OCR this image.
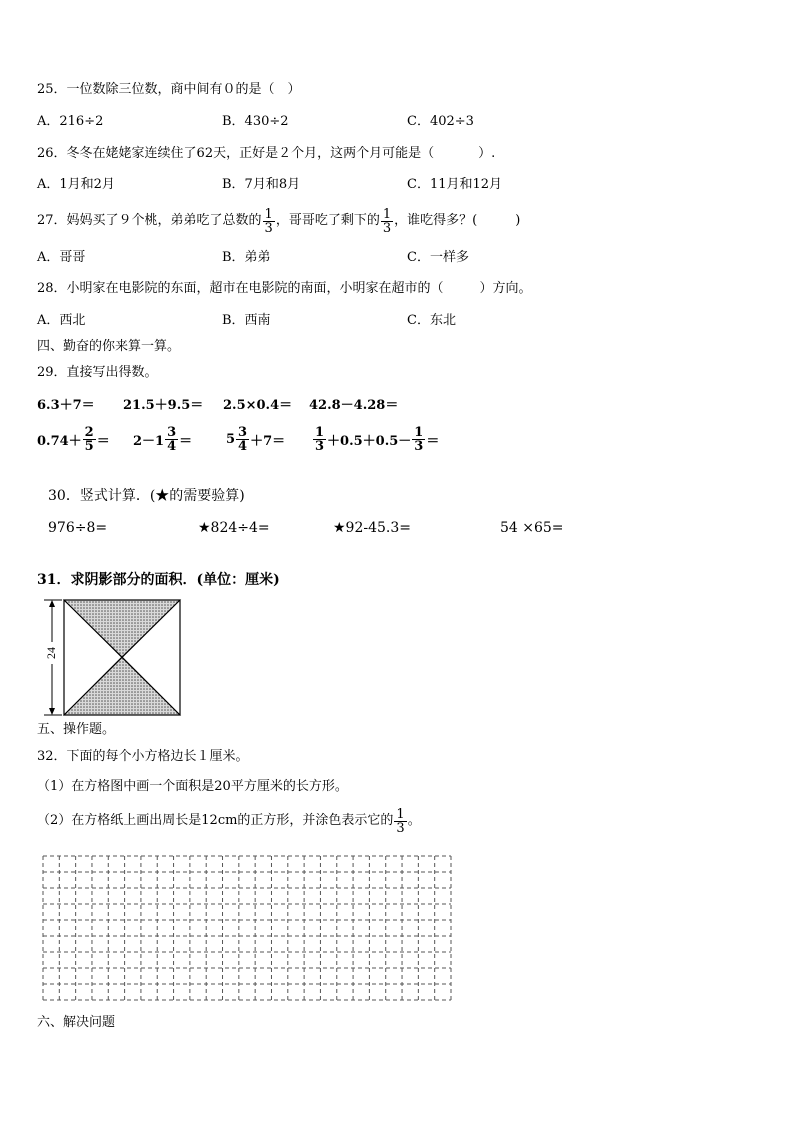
25．一位数除三位数，商中间有０的是（　）
A．216÷2	B．430÷2	C．402÷3
26．冬冬在姥姥家连续住了62天，正好是２个月，这两个月可能是（	）.
A．1月和2月	B．7月和8月	C．11月和12月
27．妈妈买了９个桃，弟弟吃了总数的 $\frac{1}{3}$ ，哥哥吃了剩下的 $\frac{1}{3}$ ，谁吃得多？(	)
A．哥哥	B．弟弟	C．一样多
28．小明家在电影院的东面，超市在电影院的南面，小明家在超市的（	）方向。
A．西北	B．西南	C．东北
四、勤奋的你来算一算。
29．直接写出得数。
6.3＋7＝ 21.5＋9.5＝ 2.5×0.4＝ 42.8－4.28＝
$0.74+ \frac{2}{5} = 2-1 \frac{3}{4}$ ＝	$5 \frac{3}{4} +7= \frac{1}{3} +0.5+0.5- \frac{1}{3}$ ＝
30．竖式计算．(★的需要验算)
976÷8=	★824÷4=	★92-45.3=	54 ×65=
31．求阴影部分的面积．(单位：厘米)
24
五、操作题。
32．下面的每个小方格边长１厘米。
（1）在方格图中画一个面积是20平方厘米的长方形。
（2）在方格纸上画出周长是12cm的正方形，并涂色表示它的 $\frac{1}{3}$ 。
六、解决问题
